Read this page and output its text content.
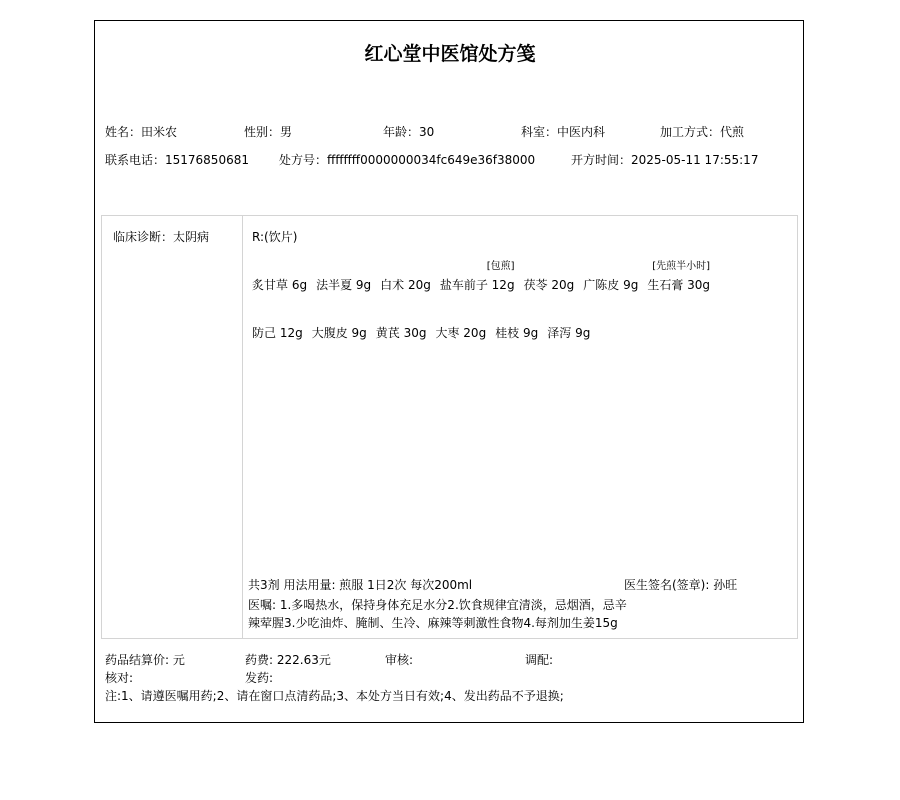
红心堂中医馆处方笺
姓名：田米农	性别：男	年龄：30	科室：中医内科	加工方式：代煎
联系电话：15176850681	处方号：ffffffff0000000034fc649e36f38000	开方时间：2025-05-11 17:55:17
临床诊断：太阴病	R:(饮片)
炙甘草 6g 法半夏 9g 白术 20g 盐车前子 12g
[包煎]
茯苓 20g 广陈皮 9g 生石膏 30g
[先煎半小时]
防己 12g 大腹皮 9g 黄芪 30g 大枣 20g 桂枝 9g 泽泻 9g
共3剂 用法用量: 煎服 1日2次 每次200ml	医生签名(签章): 孙旺
医嘱: 1.多喝热水，保持身体充足水分2.饮食规律宜清淡，忌烟酒，忌辛辣荤腥3.少吃油炸、腌制、生冷、麻辣等刺激性食物4.每剂加生姜15g
药品结算价: 元	药费: 222.63元	审核:	调配:
核对:	发药:
注:1、请遵医嘱用药;2、请在窗口点清药品;3、本处方当日有效;4、发出药品不予退换;
